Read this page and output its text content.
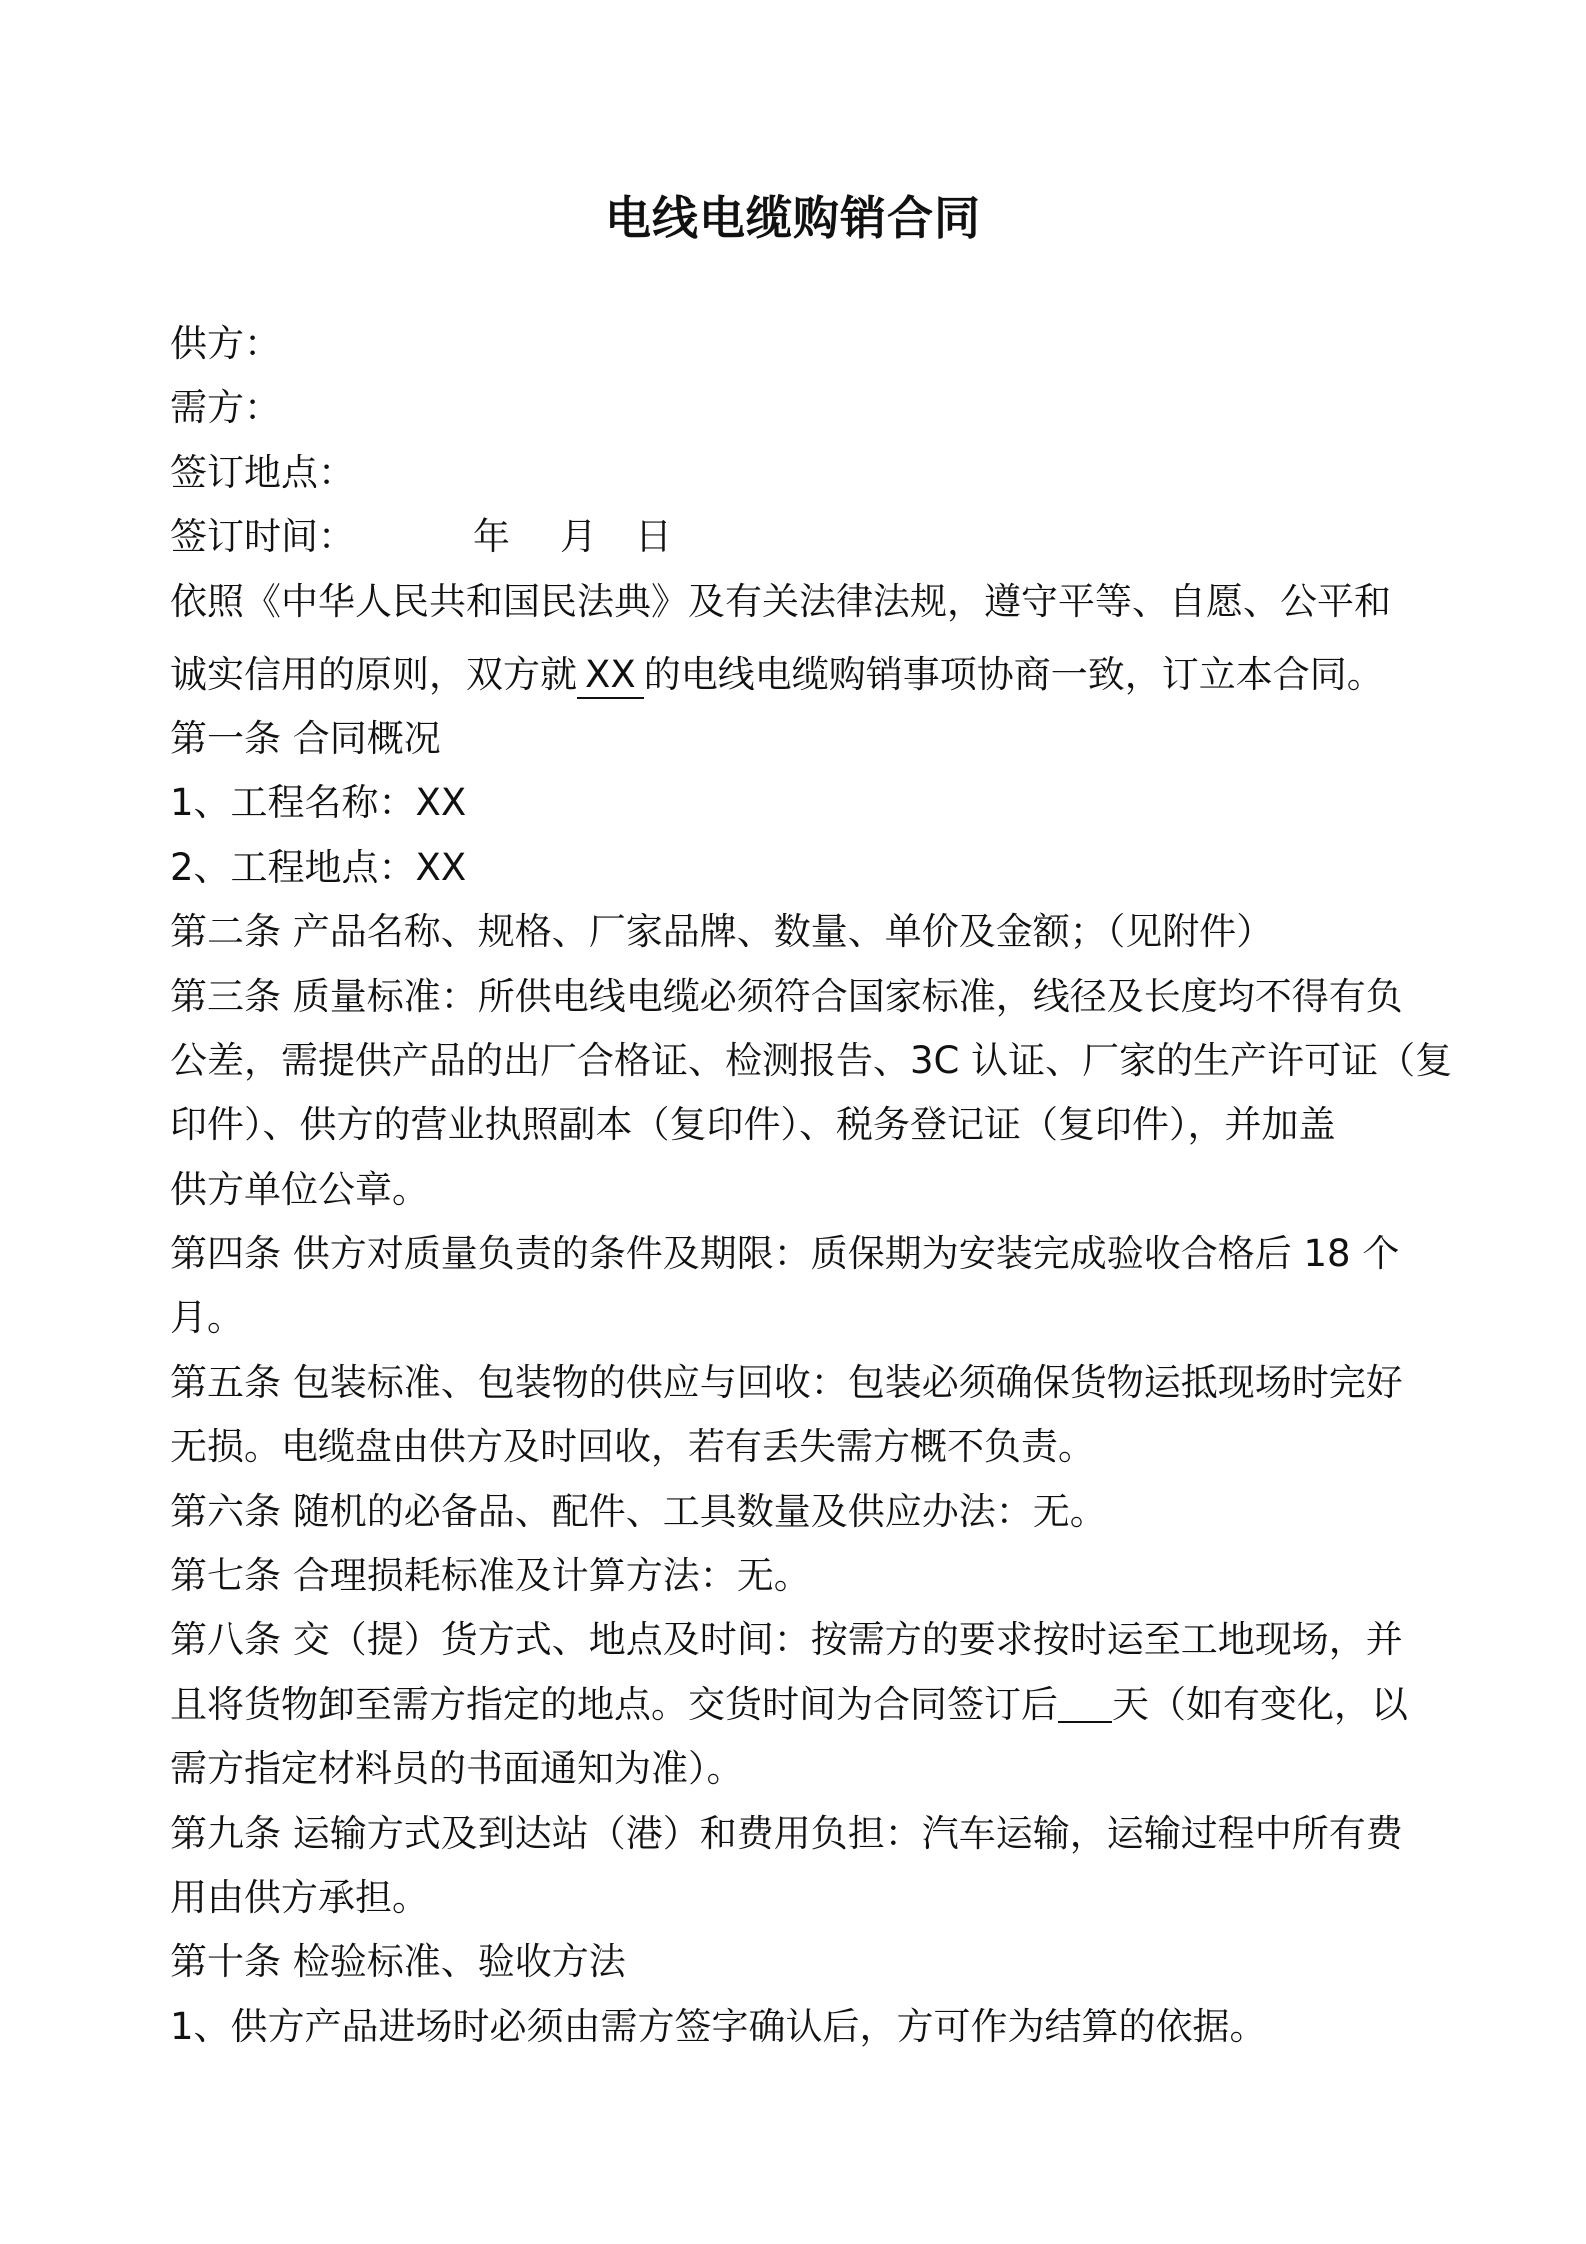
电线电缆购销合同
供方：
需方：
签订地点：
签订时间：	年 月 日
依照《中华人民共和国民法典》及有关法律法规，遵守平等、自愿、公平和
诚实信用的原则，双方就 XX 的电线电缆购销事项协商一致，订立本合同。
第一条 合同概况
1、工程名称：XX
2、工程地点：XX
第二条 产品名称、规格、厂家品牌、数量、单价及金额；（见附件）
第三条 质量标准：所供电线电缆必须符合国家标准，线径及长度均不得有负
公差，需提供产品的出厂合格证、检测报告、3C 认证、厂家的生产许可证（复
印件）、供方的营业执照副本（复印件）、税务登记证（复印件），并加盖
供方单位公章。
第四条 供方对质量负责的条件及期限：质保期为安装完成验收合格后 18 个
月。
第五条 包装标准、包装物的供应与回收：包装必须确保货物运抵现场时完好
无损。电缆盘由供方及时回收，若有丢失需方概不负责。
第六条 随机的必备品、配件、工具数量及供应办法：无。
第七条 合理损耗标准及计算方法：无。
第八条 交（提）货方式、地点及时间：按需方的要求按时运至工地现场，并
且将货物卸至需方指定的地点。交货时间为合同签订后 天（如有变化，以
需方指定材料员的书面通知为准）。
第九条 运输方式及到达站（港）和费用负担：汽车运输，运输过程中所有费
用由供方承担。
第十条 检验标准、验收方法
1、供方产品进场时必须由需方签字确认后，方可作为结算的依据。
